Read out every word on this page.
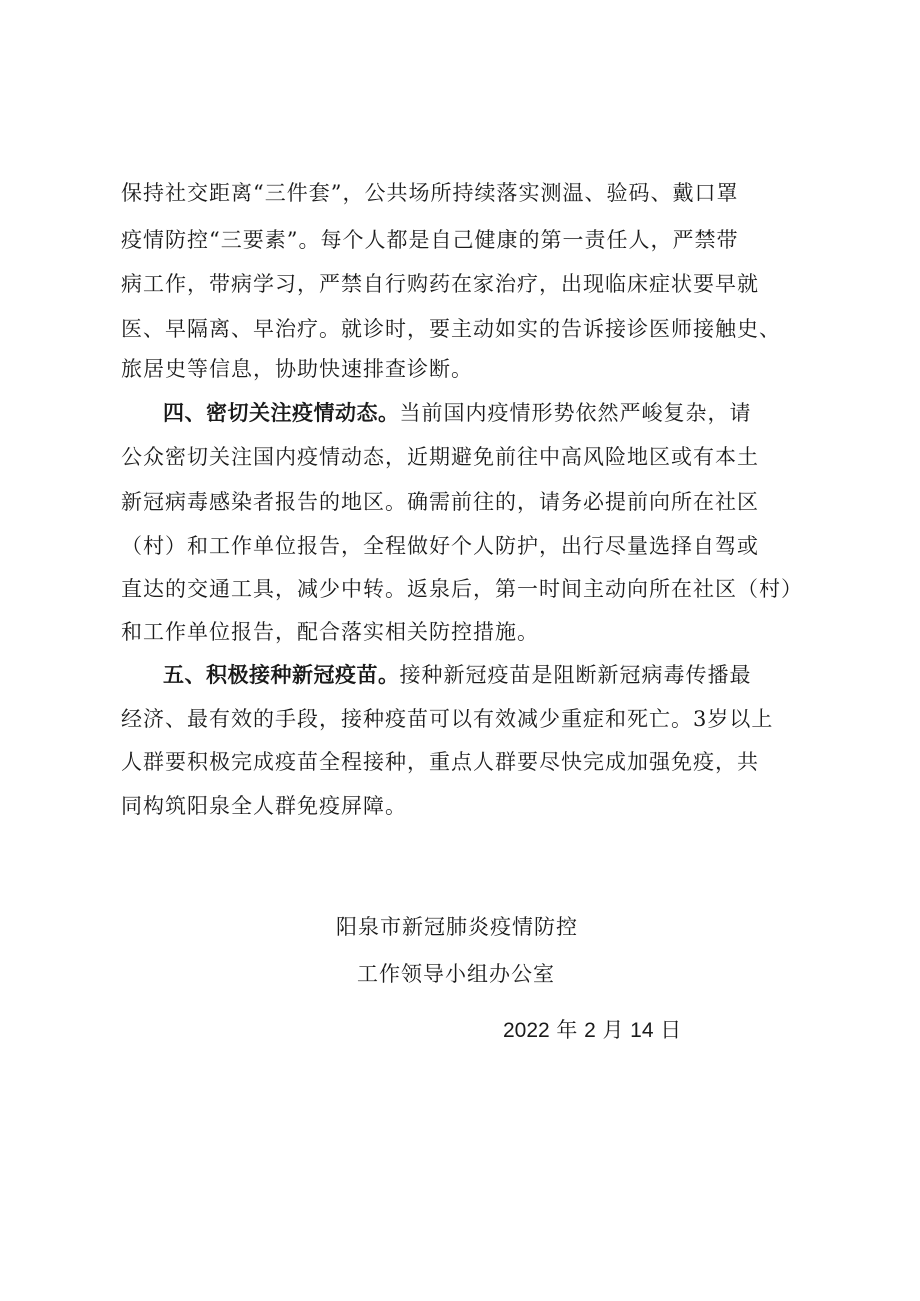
保持社交距离“三件套”，公共场所持续落实测温、验码、戴口罩
疫情防控“三要素”。每个人都是自己健康的第一责任人，严禁带
病工作，带病学习，严禁自行购药在家治疗，出现临床症状要早就
医、早隔离、早治疗。就诊时，要主动如实的告诉接诊医师接触史、
旅居史等信息，协助快速排查诊断。
四、密切关注疫情动态。当前国内疫情形势依然严峻复杂，请
公众密切关注国内疫情动态，近期避免前往中高风险地区或有本土
新冠病毒感染者报告的地区。确需前往的，请务必提前向所在社区
（村）和工作单位报告，全程做好个人防护，出行尽量选择自驾或
直达的交通工具，减少中转。返泉后，第一时间主动向所在社区（村）
和工作单位报告，配合落实相关防控措施。
五、积极接种新冠疫苗。接种新冠疫苗是阻断新冠病毒传播最
经济、最有效的手段，接种疫苗可以有效减少重症和死亡。3岁以上
人群要积极完成疫苗全程接种，重点人群要尽快完成加强免疫，共
同构筑阳泉全人群免疫屏障。
阳泉市新冠肺炎疫情防控
工作领导小组办公室
2022 年 2 月 14 日
